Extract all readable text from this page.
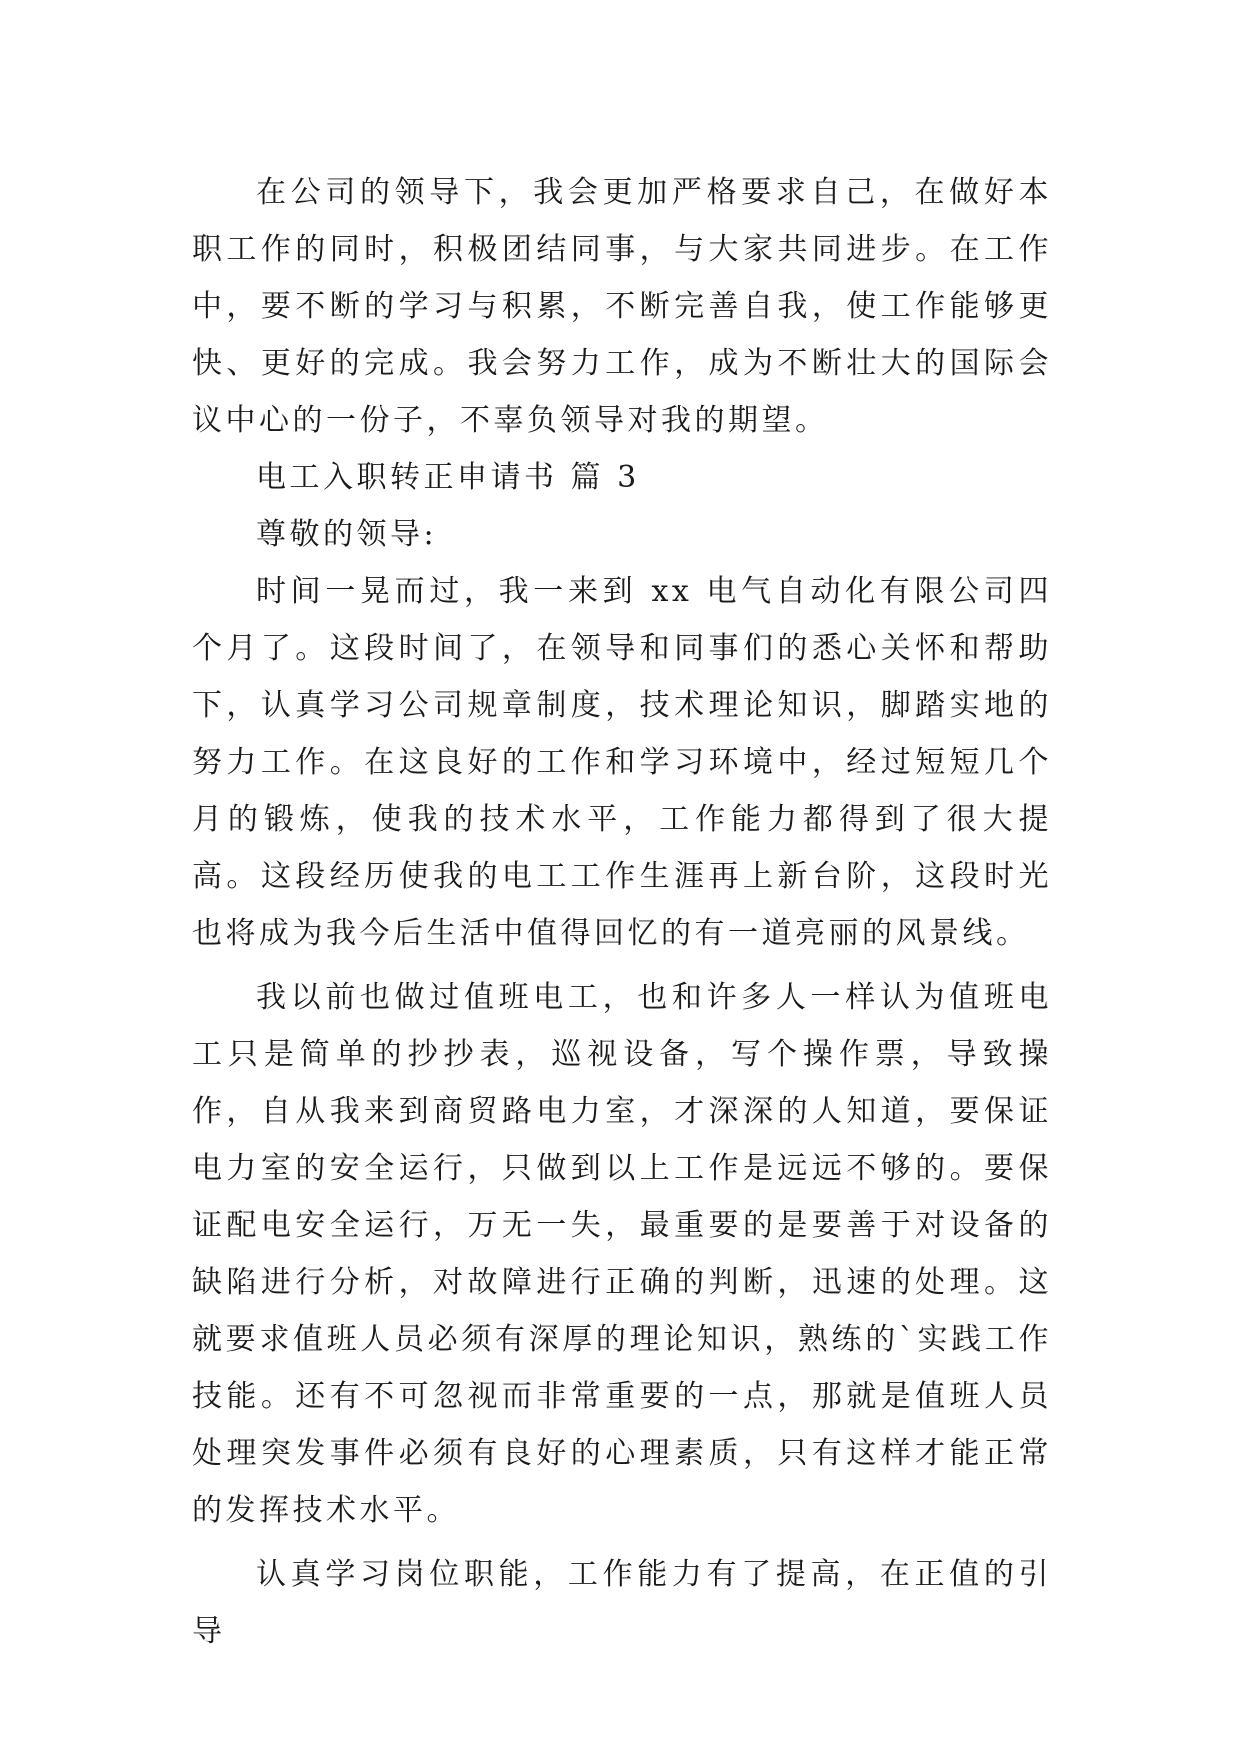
在公司的领导下，我会更加严格要求自己，在做好本职工作的同时，积极团结同事，与大家共同进步。在工作中，要不断的学习与积累，不断完善自我，使工作能够更快、更好的完成。我会努力工作，成为不断壮大的国际会议中心的一份子，不辜负领导对我的期望。

电工入职转正申请书 篇 3

尊敬的领导:

时间一晃而过，我一来到 xx 电气自动化有限公司四个月了。这段时间了，在领导和同事们的悉心关怀和帮助下，认真学习公司规章制度，技术理论知识，脚踏实地的努力工作。在这良好的工作和学习环境中，经过短短几个月的锻炼，使我的技术水平，工作能力都得到了很大提高。这段经历使我的电工工作生涯再上新台阶，这段时光也将成为我今后生活中值得回忆的有一道亮丽的风景线。

我以前也做过值班电工，也和许多人一样认为值班电工只是简单的抄抄表，巡视设备，写个操作票，导致操作，自从我来到商贸路电力室，才深深的人知道，要保证电力室的安全运行，只做到以上工作是远远不够的。要保证配电安全运行，万无一失，最重要的是要善于对设备的缺陷进行分析，对故障进行正确的判断，迅速的处理。这就要求值班人员必须有深厚的理论知识，熟练的`实践工作技能。还有不可忽视而非常重要的一点，那就是值班人员处理突发事件必须有良好的心理素质，只有这样才能正常的发挥技术水平。

认真学习岗位职能，工作能力有了提高，在正值的引导
